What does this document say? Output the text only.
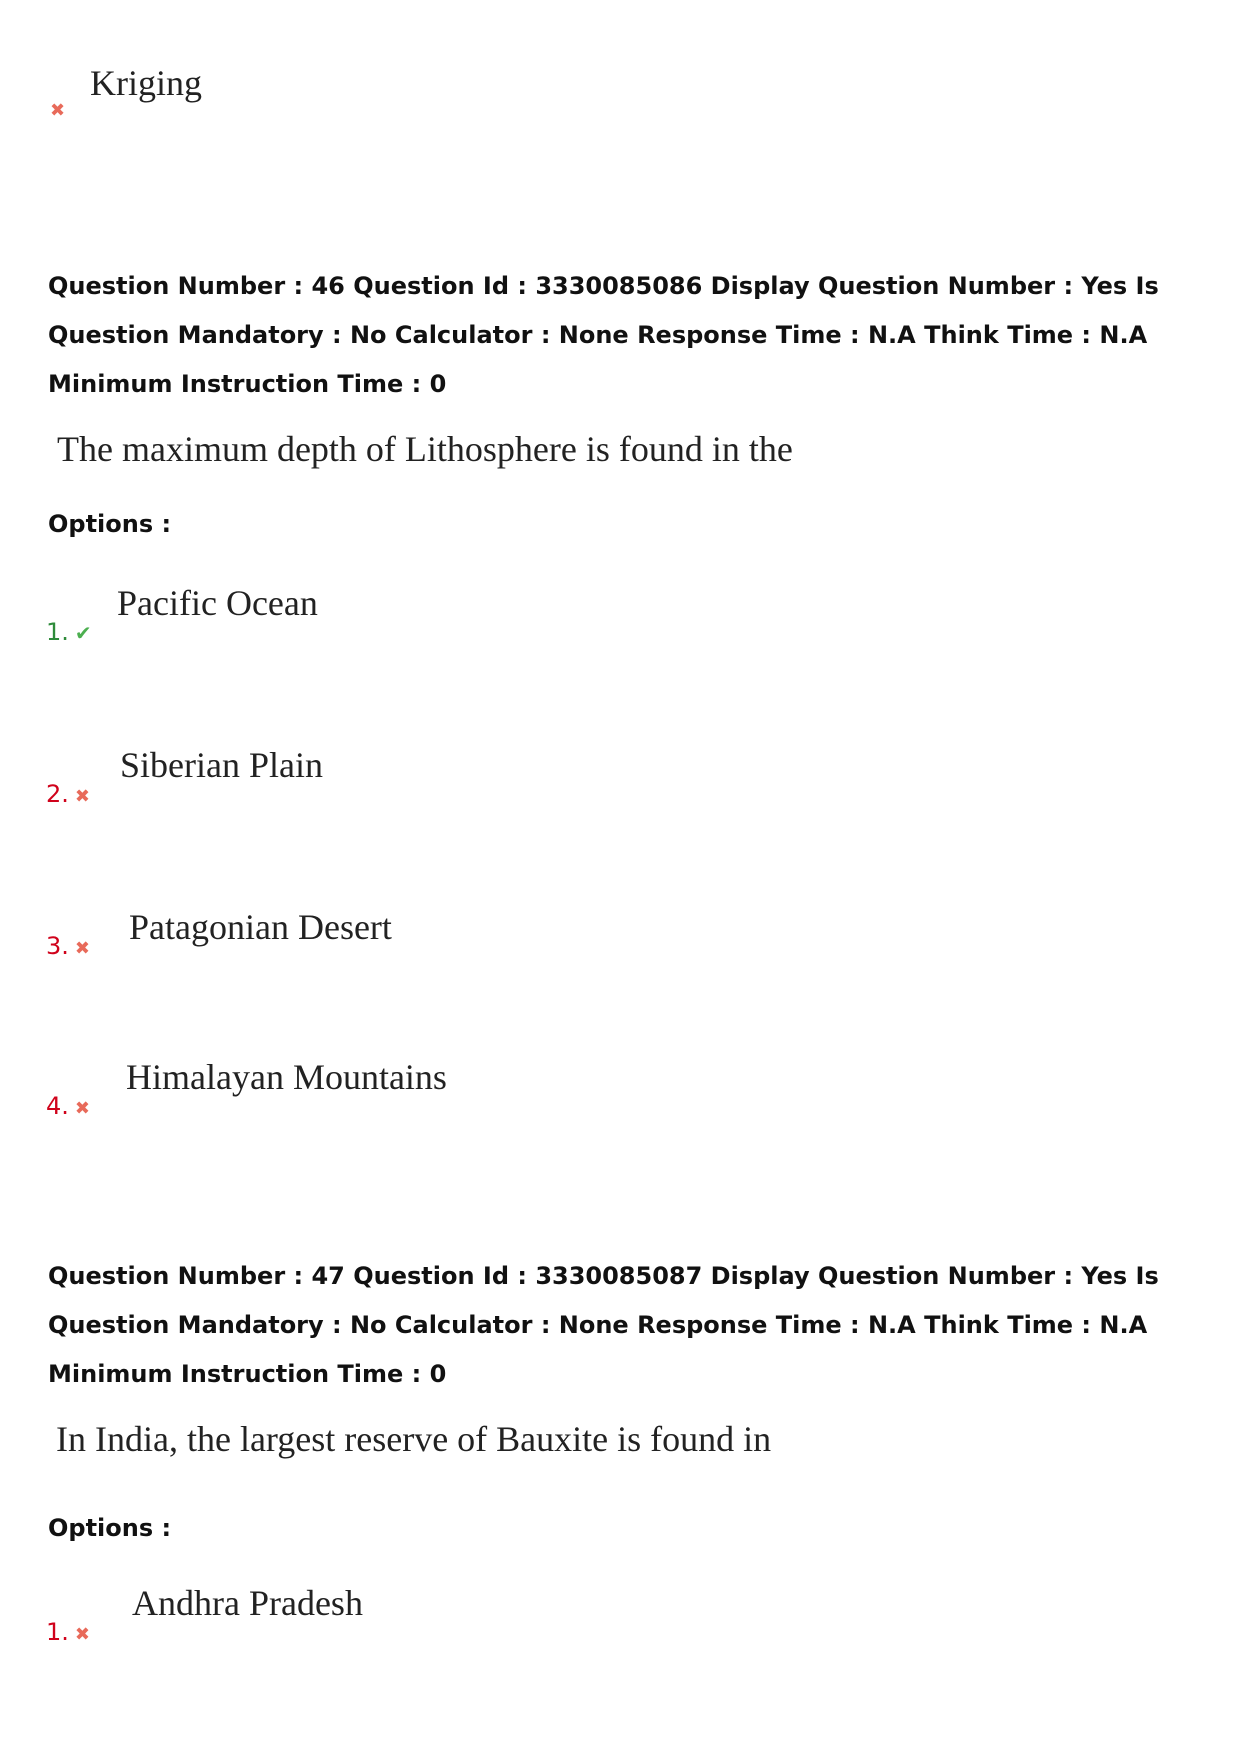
✖
Kriging
Question Number : 46 Question Id : 3330085086 Display Question Number : Yes Is Question Mandatory : No Calculator : None Response Time : N.A Think Time : N.A Minimum Instruction Time : 0
The maximum depth of Lithosphere is found in the
Options :
1. ✔
Pacific Ocean
2. ✖
Siberian Plain
3. ✖
Patagonian Desert
4. ✖
Himalayan Mountains
Question Number : 47 Question Id : 3330085087 Display Question Number : Yes Is Question Mandatory : No Calculator : None Response Time : N.A Think Time : N.A Minimum Instruction Time : 0
In India, the largest reserve of Bauxite is found in
Options :
1. ✖
Andhra Pradesh
